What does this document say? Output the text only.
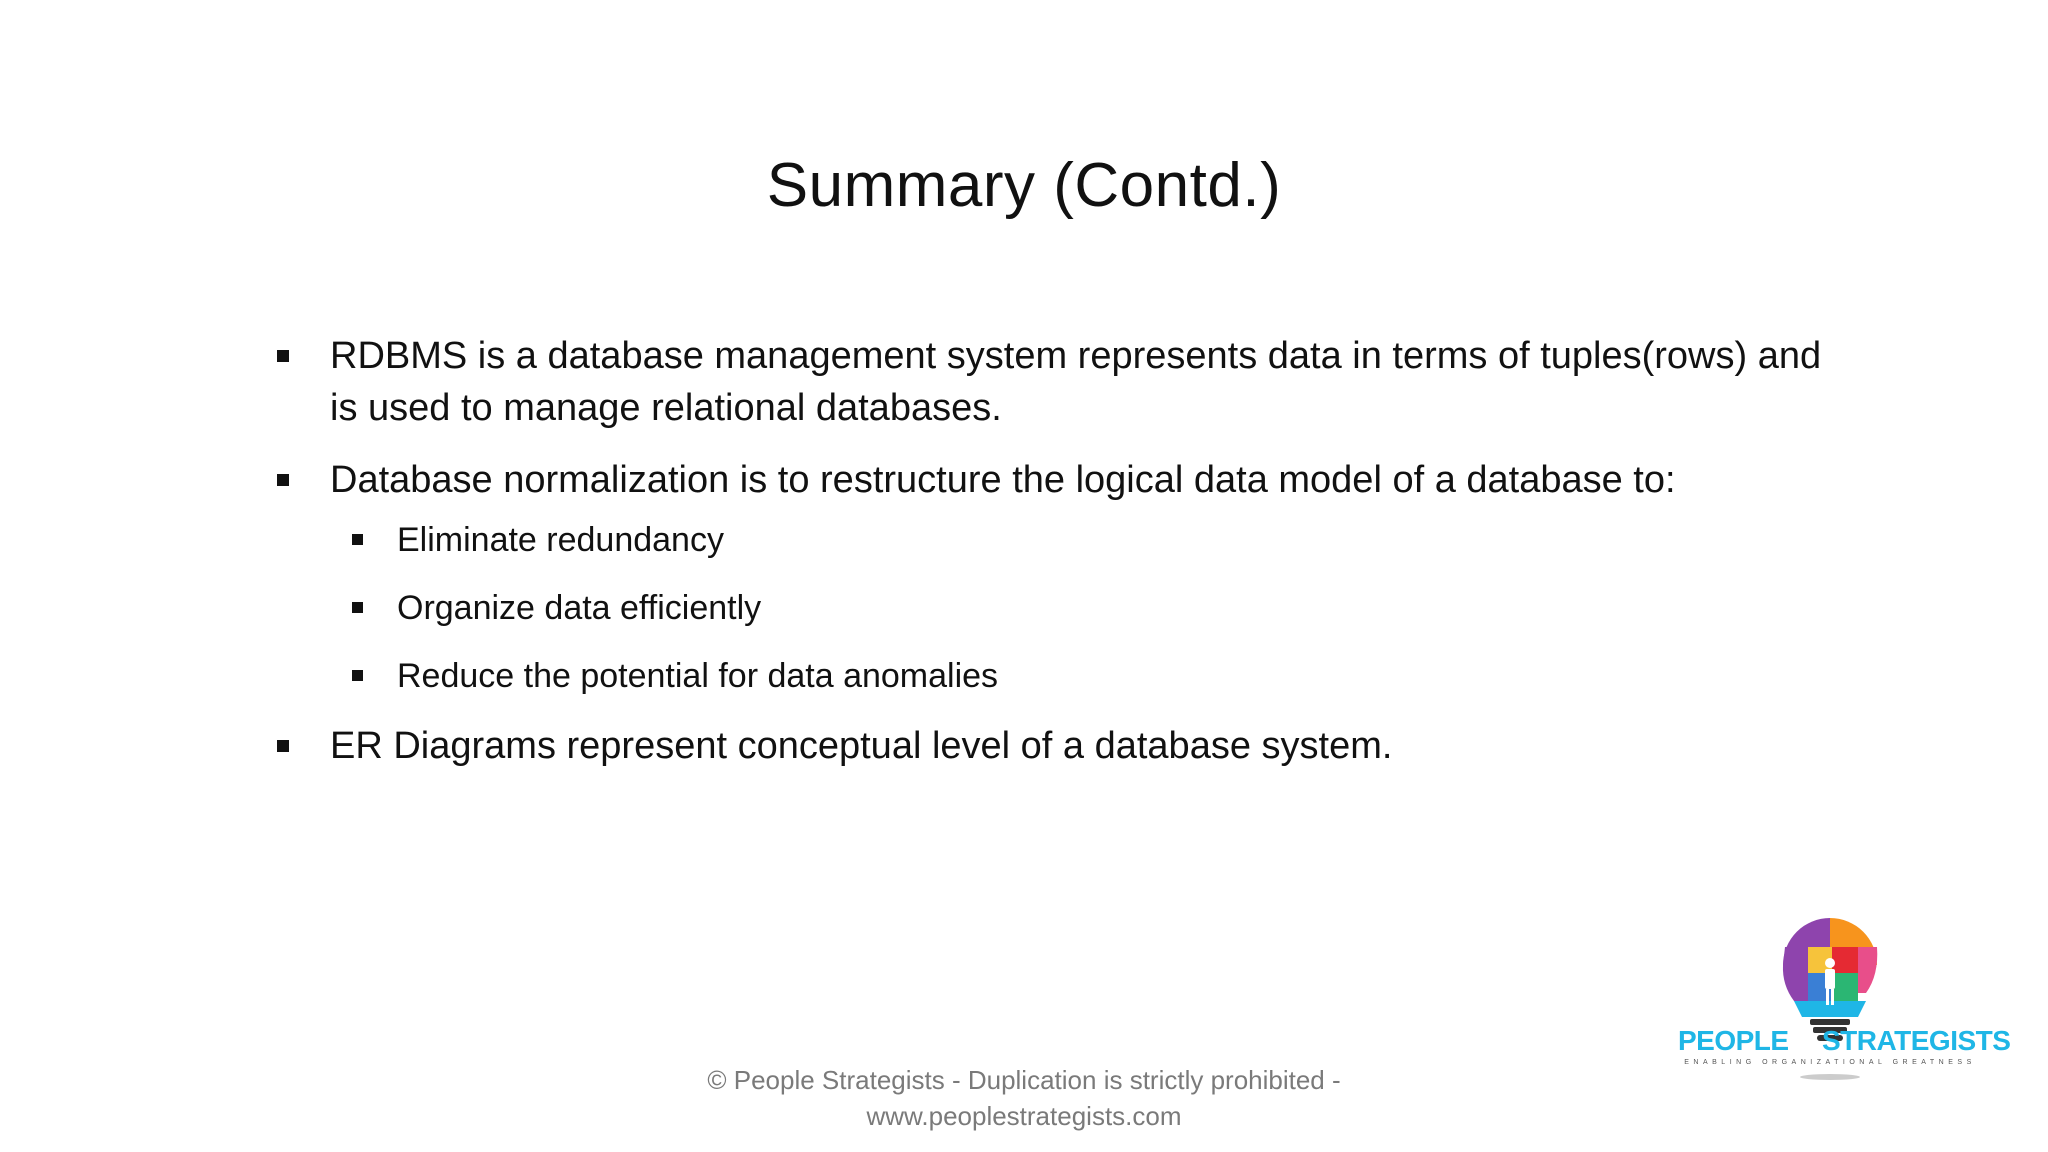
Summary (Contd.)
RDBMS is a database management system represents data in terms of tuples(rows) and is used to manage relational databases.
Database normalization is to restructure the logical data model of a database to:
Eliminate redundancy
Organize data efficiently
Reduce the potential for data anomalies
ER Diagrams represent conceptual level of a database system.
PEOPLE STRATEGISTS
ENABLING ORGANIZATIONAL GREATNESS
© People Strategists - Duplication is strictly prohibited -
www.peoplestrategists.com
